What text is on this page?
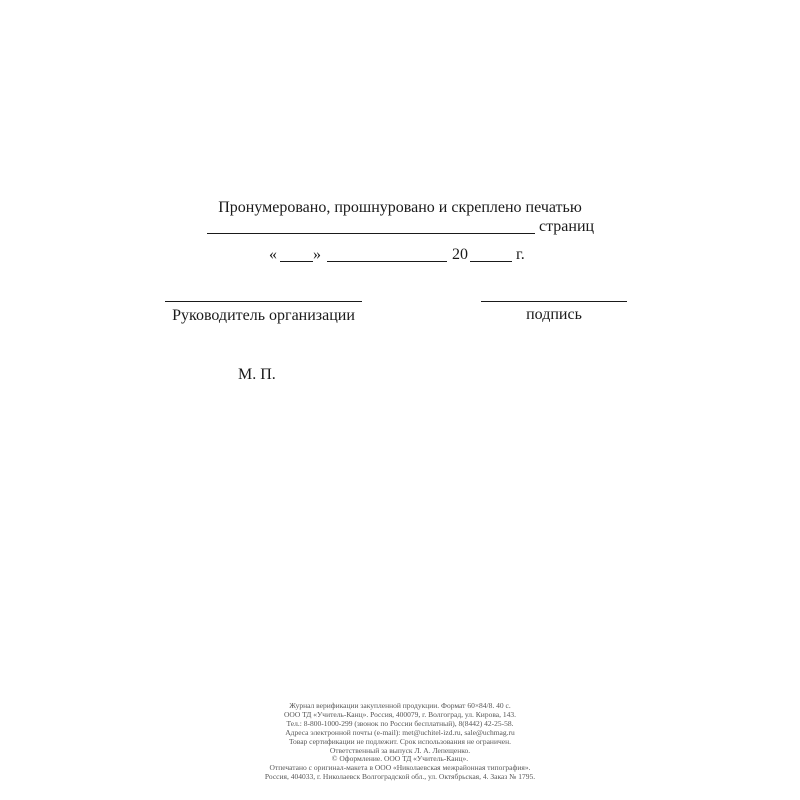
Пронумеровано, прошнуровано и скреплено печатью
страниц
« »	20	г.
Руководитель организации	подпись
М. П.
Журнал верификации закупленной продукции. Формат 60×84/8. 40 с.
ООО ТД «Учитель-Канц». Россия, 400079, г. Волгоград, ул. Кирова, 143.
Тел.: 8-800-1000-299 (звонок по России бесплатный), 8(8442) 42-25-58.
Адреса электронной почты (e-mail): met@uchitel-izd.ru, sale@uchmag.ru
Товар сертификации не подлежит. Срок использования не ограничен.
Ответственный за выпуск Л. А. Лепещенко.
© Оформление. ООО ТД «Учитель-Канц».
Отпечатано с оригинал-макета в ООО «Николаевская межрайонная типография».
Россия, 404033, г. Николаевск Волгоградской обл., ул. Октябрьская, 4. Заказ № 1795.
